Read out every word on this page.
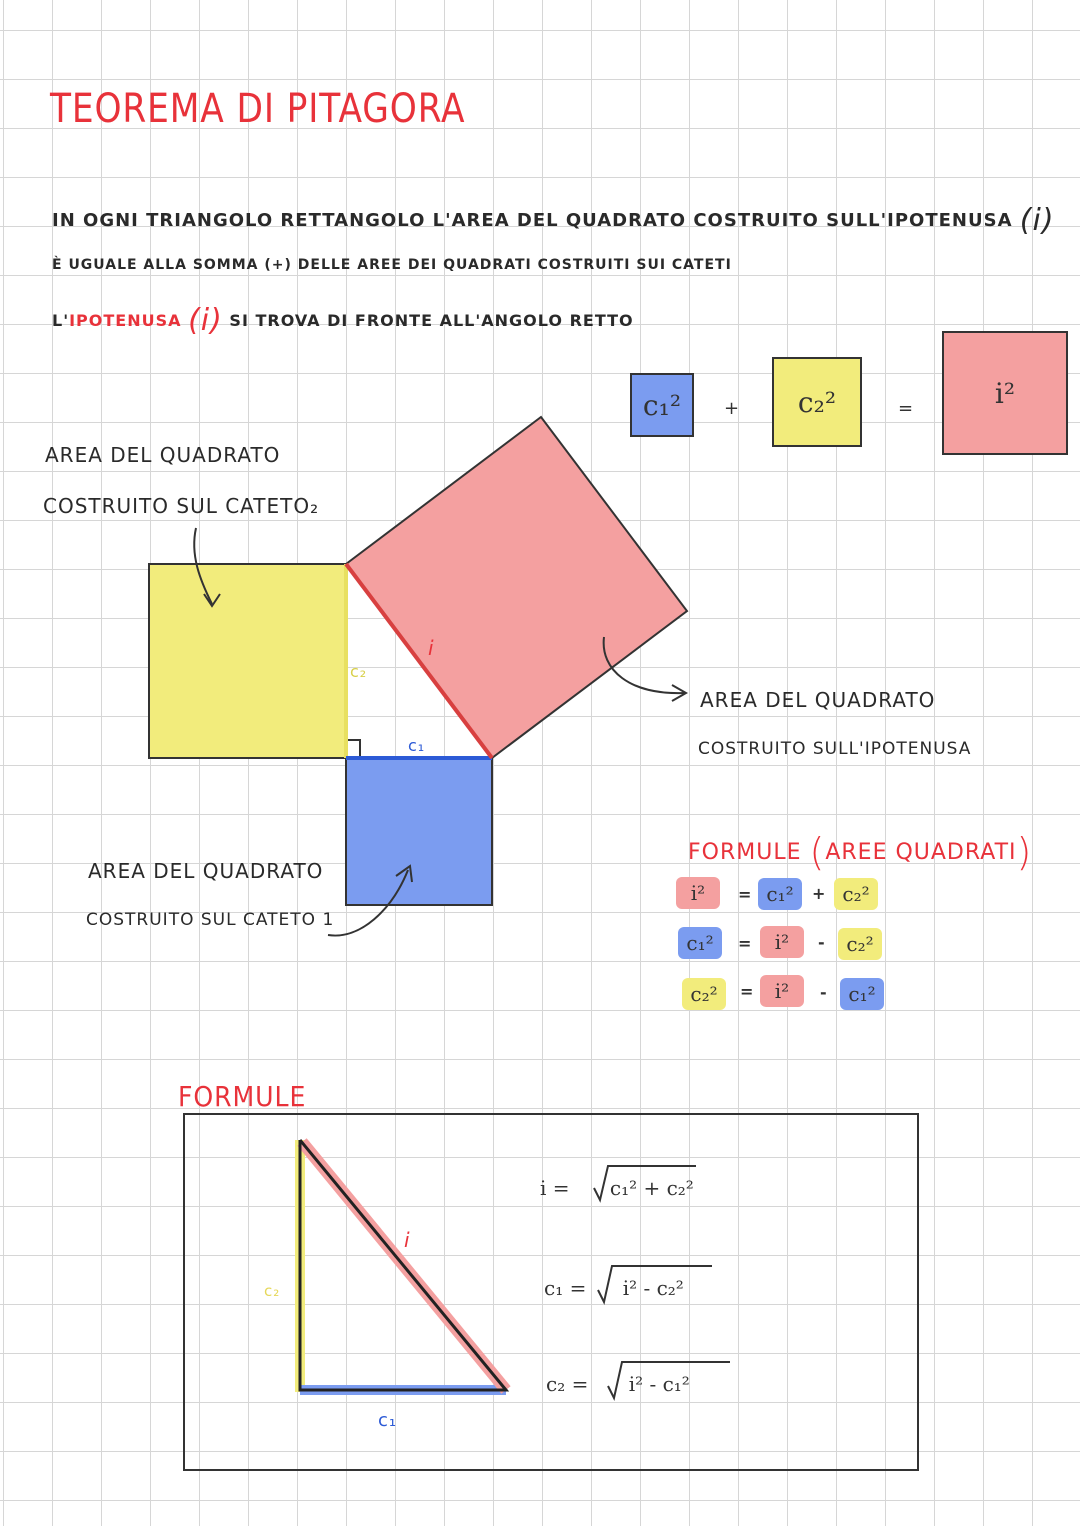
TEOREMA DI PITAGORA
IN OGNI TRIANGOLO RETTANGOLO L'AREA DEL QUADRATO COSTRUITO SULL'IPOTENUSA (i)
È UGUALE ALLA SOMMA (+) DELLE AREE DEI QUADRATI COSTRUITI SUI CATETI
L'IPOTENUSA (i) SI TROVA DI FRONTE ALL'ANGOLO RETTO
c₁² + c₂²	=	i²
c₂
c₁
i
AREA DEL QUADRATO
COSTRUITO SUL CATETO₂
AREA DEL QUADRATO
COSTRUITO SULL'IPOTENUSA
AREA DEL QUADRATO
COSTRUITO SUL CATETO 1
FORMULE (AREE QUADRATI)
i²	= c₁²	+ c₂²
c₁²	=	i²	-	c₂²
c₂²	=	i²	-	c₁²
FORMULE
i
c₂
c₁
i = c₁² + c₂²
c₁ = i² - c₂²
c₂ = i² - c₁²
